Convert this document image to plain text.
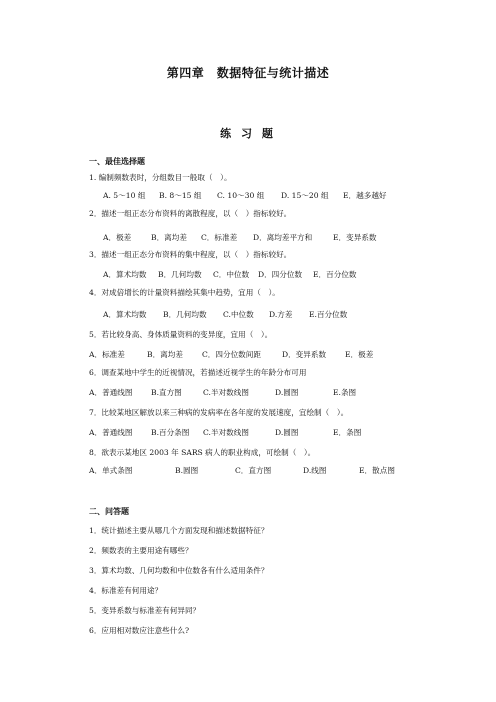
第四章　数据特征与统计描述
练 习 题
一、最佳选择题
1. 编制频数表时，分组数目一般取（　）。
A. 5～10 组 B. 8～15 组 C. 10～30 组 D. 15～20 组 E．越多越好
2．描述一组正态分布资料的离散程度，以（　）指标较好。
A．极差	B．离均差 C．标准差 D．离均差平方和	E．变异系数
3．描述一组正态分布资料的集中程度，以（　）指标较好。
A．算术均数 B．几何均数 C．中位数 D．四分位数 E．百分位数
4．对成倍增长的计量资料描绘其集中趋势，宜用（　）。
A．算术均数 B．几何均数 C.中位数 D.方差 E.百分位数
5．若比较身高、身体质量资料的变异度，宜用（　）。
A．标准差	B．离均差	C．四分位数间距	D．变异系数 E．极差
6．调查某地中学生的近视情况，若描述近视学生的年龄分布可用
A．普通线图 B.直方图	C.半对数线图	D.圆图	E.条图
7．比较某地区解放以来三种病的发病率在各年度的发展速度，宜绘制（　）。
A．普通线图 B.百分条图 C.半对数线图	D.圆图	E．条图
8．欲表示某地区 2003 年 SARS 病人的职业构成，可绘制（　）。
A．单式条图	B.圆图	C．直方图	D.线图	E．散点图
二、问答题
1．统计描述主要从哪几个方面发现和描述数据特征？
2．频数表的主要用途有哪些？
3．算术均数、几何均数和中位数各有什么适用条件？
4．标准差有何用途？
5．变异系数与标准差有何异同？
6．应用相对数应注意些什么?
